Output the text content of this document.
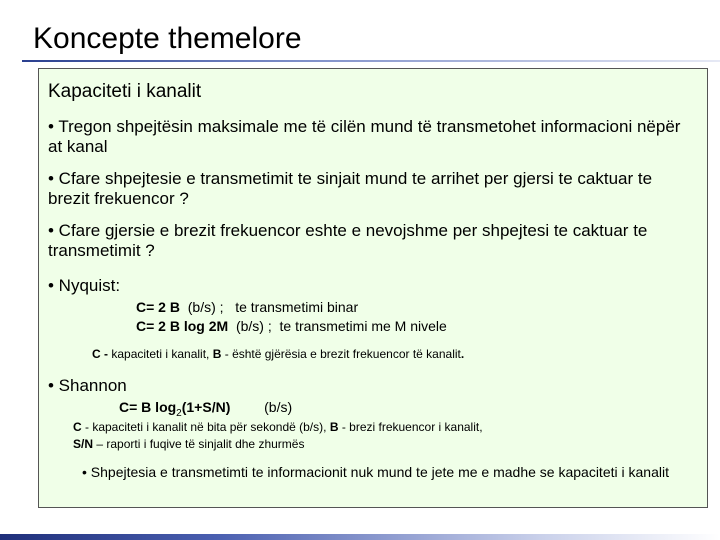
Koncepte themelore
Kapaciteti i kanalit
• Tregon shpejtësin maksimale me të cilën mund të transmetohet informacioni nëpër at kanal
• Cfare shpejtesie e transmetimit te sinjait mund te arrihet per gjersi te caktuar te brezit frekuencor ?
• Cfare gjersie e brezit frekuencor eshte e nevojshme per shpejtesi te caktuar te transmetimit ?
• Nyquist:
C= 2 B (b/s) ; te transmetimi binar
C= 2 B log 2M (b/s) ; te transmetimi me M nivele
C - kapaciteti i kanalit, B - është gjërësia e brezit frekuencor të kanalit.
• Shannon
C= B $\log_2(1+S/N)$ (b/s)
C - kapaciteti i kanalit në bita për sekondë (b/s), B - brezi frekuencor i kanalit,
S/N – raporti i fuqive të sinjalit dhe zhurmës
• Shpejtesia e transmetimti te informacionit nuk mund te jete me e madhe se kapaciteti i kanalit
